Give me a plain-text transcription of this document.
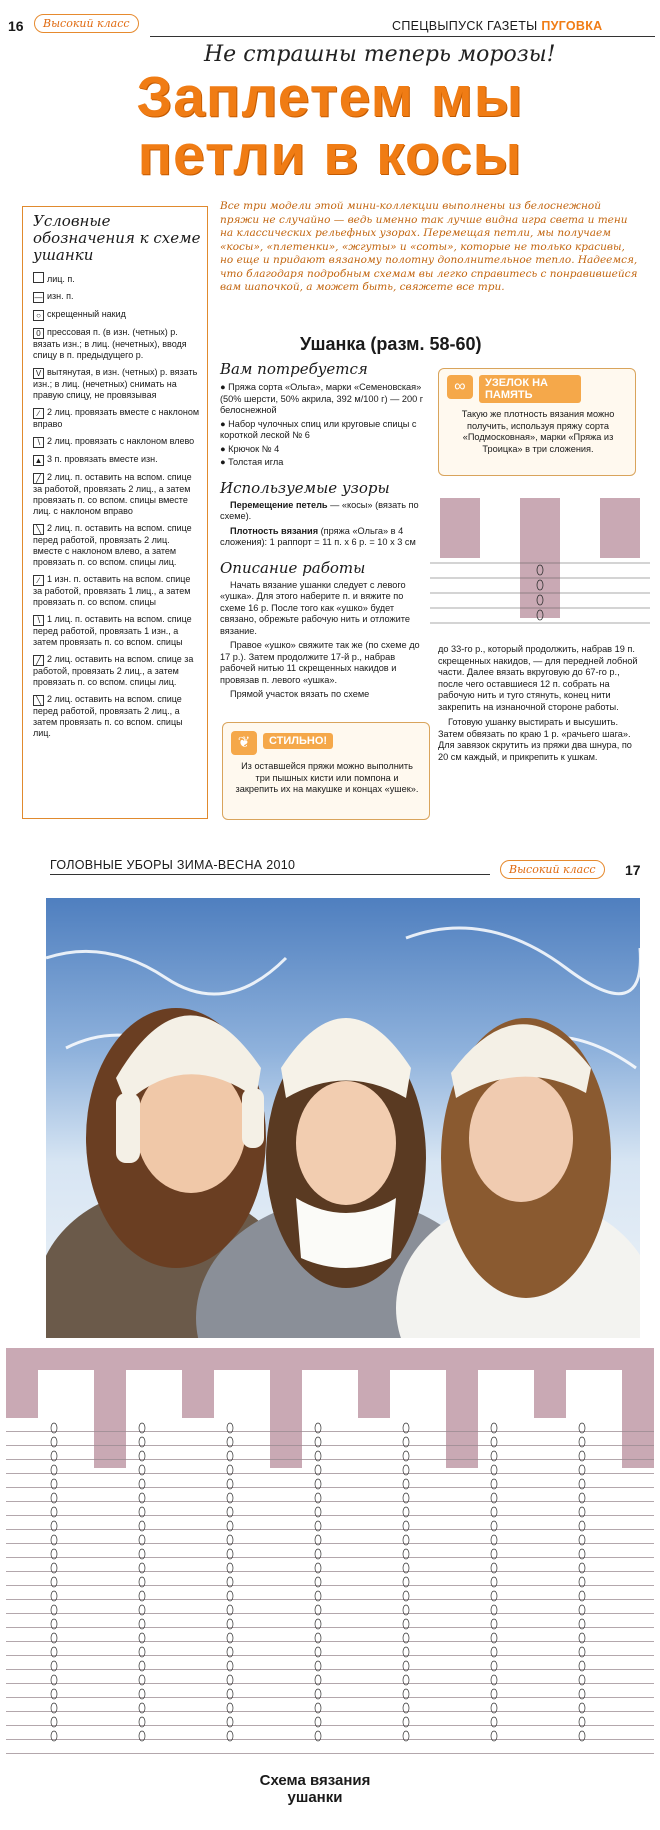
16	Высокий класс	СПЕЦВЫПУСК ГАЗЕТЫ ПУГОВКА
Не страшны теперь морозы!
Заплетем мы
петли в косы
Условные обозначения к схеме ушанки
лиц. п.
— изн. п.
○ скрещенный накид
0 прессовая п. (в изн. (четных) р. вязать изн.; в лиц. (нечетных), вводя спицу в п. предыдущего р.
V вытянутая, в изн. (четных) р. вязать изн.; в лиц. (нечетных) снимать на правую спицу, не провязывая
∕ 2 лиц. провязать вместе с наклоном вправо
∖ 2 лиц. провязать с наклоном влево
▲ 3 п. провязать вместе изн.
╱ 2 лиц. п. оставить на вспом. спице за работой, провязать 2 лиц., а затем провязать п. со вспом. спицы вместе лиц. с наклоном вправо
╲ 2 лиц. п. оставить на вспом. спице перед работой, провязать 2 лиц. вместе с наклоном влево, а затем провязать п. со вспом. спицы лиц.
∕ 1 изн. п. оставить на вспом. спице за работой, провязать 1 лиц., а затем провязать п. со вспом. спицы
∖ 1 лиц. п. оставить на вспом. спице перед работой, провязать 1 изн., а затем провязать п. со вспом. спицы
╱ 2 лиц. оставить на вспом. спице за работой, провязать 2 лиц., а затем провязать п. со вспом. спицы лиц.
╲ 2 лиц. оставить на вспом. спице перед работой, провязать 2 лиц., а затем провязать п. со вспом. спицы лиц.
Все три модели этой мини-коллекции выполнены из белоснежной пряжи не случайно — ведь именно так лучше видна игра света и тени на классических рельефных узорах. Перемещая петли, мы получаем «косы», «плетенки», «жгуты» и «соты», которые не только красивы, но еще и придают вязаному полотну дополнительное тепло. Надеемся, что благодаря подробным схемам вы легко справитесь с понравившейся вам шапочкой, а может быть, свяжете все три.
Ушанка (разм. 58-60)
Вам потребуется
● Пряжа сорта «Ольга», марки «Семеновская» (50% шерсти, 50% акрила, 392 м/100 г) — 200 г белоснежной
● Набор чулочных спиц или круговые спицы с короткой леской № 6
● Крючок № 4
● Толстая игла
Используемые узоры
Перемещение петель — «косы» (вязать по схеме).
Плотность вязания (пряжа «Ольга» в 4 сложения): 1 раппорт = 11 п. х 6 р. = 10 х 3 см
Описание работы
Начать вязание ушанки следует с левого «ушка». Для этого наберите п. и вяжите по схеме 16 р. После того как «ушко» будет связано, обрежьте рабочую нить и отложите вязание.
Правое «ушко» свяжите так же (по схеме до 17 р.). Затем продолжите 17-й р., набрав рабочей нитью 11 скрещенных накидов и провязав п. левого «ушка».
Прямой участок вязать по схеме
∞	УЗЕЛОК НА ПАМЯТЬ
Такую же плотность вязания можно получить, используя пряжу сорта «Подмосковная», марки «Пряжа из Троицка» в три сложения.
до 33-го р., который продолжить, набрав 19 п. скрещенных накидов, — для передней лобной части. Далее вязать вкруговую до 67-го р., после чего оставшиеся 12 п. собрать на рабочую нить и туго стянуть, конец нити закрепить на изнаночной стороне работы.
Готовую ушанку выстирать и высушить. Затем обвязать по краю 1 р. «рачьего шага». Для завязок скрутить из пряжи два шнура, по 20 см каждый, и прикрепить к ушкам.
❦	СТИЛЬНО!
Из оставшейся пряжи можно выполнить три пышных кисти или помпона и закрепить их на макушке и концах «ушек».
ГОЛОВНЫЕ УБОРЫ ЗИМА-ВЕСНА 2010	Высокий класс	17
Схема вязания ушанки
